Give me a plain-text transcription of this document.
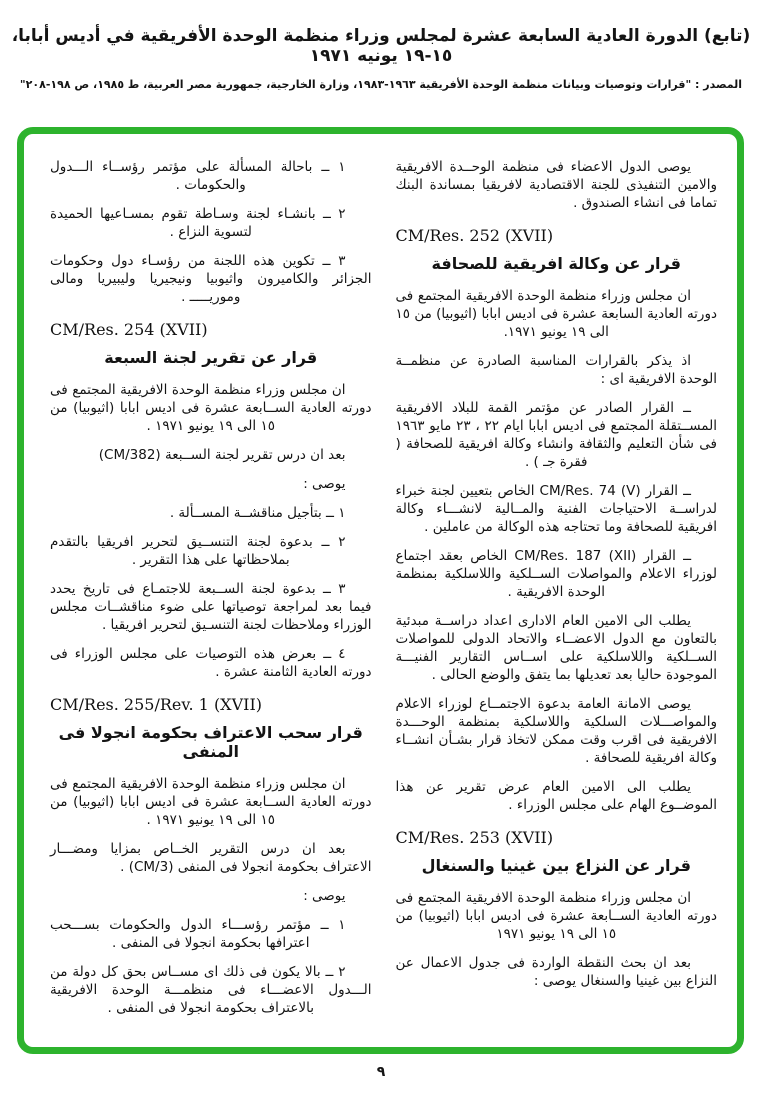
(تابع) الدورة العادية السابعة عشرة لمجلس وزراء منظمة الوحدة الأفريقية في أديس أبابا، ١٥-١٩ يونيه ١٩٧١
المصدر : "قرارات وتوصيات وبيانات منظمة الوحدة الأفريقية ١٩٦٣-١٩٨٣، وزارة الخارجية، جمهورية مصر العربية، ط ١٩٨٥، ص ١٩٨-٢٠٨"

يوصى الدول الاعضاء فى منظمة الوحــدة الافريقية والامين التنفيذى للجنة الاقتصادية لافريقيا بمساندة البنك تماما فى انشاء الصندوق .

CM/Res. 252 (XVII)

قرار عن وكالة افريقية للصحافة

ان مجلس وزراء منظمة الوحدة الافريقية المجتمع فى دورته العادية السابعة عشرة فى اديس ابابا (اثيوبيا) من ١٥ الى ١٩ يونيو ١٩٧١.

اذ يذكر بالقرارات المناسبة الصادرة عن منظمــة الوحدة الافريقية اى :

ــ القرار الصادر عن مؤتمر القمة للبلاد الافريقية المســتقلة المجتمع فى اديس ابابا ايام ٢٢ ، ٢٣ مايو ١٩٦٣ فى شأن التعليم والثقافة وانشاء وكالة افريقية للصحافة ( فقرة جـ ) .

ــ القرار CM/Res. 74 (V) الخاص بتعيين لجنة خبراء لدراســة الاحتياجات الفنية والمــالية لانشـــاء وكالة افريقية للصحافة وما تحتاجه هذه الوكالة من عاملين .

ــ القرار CM/Res. 187 (XII) الخاص بعقد اجتماع لوزراء الاعلام والمواصلات الســلكية واللاسلكية بمنظمة الوحدة الافريقية .

يطلب الى الامين العام الادارى اعداد دراســة مبدئية بالتعاون مع الدول الاعضــاء والاتحاد الدولى للمواصلات الســلكية واللاسلكية على اســاس التقارير الفنيـــة الموجودة حاليا بعد تعديلها بما يتفق والوضع الحالى .

يوصى الامانة العامة بدعوة الاجتمــاع لوزراء الاعلام والمواصـــلات السلكية واللاسلكية بمنظمة الوحـــدة الافريقية فى اقرب وقت ممكن لاتخاذ قرار بشـأن انشــاء وكالة افريقية للصحافة .

يطلب الى الامين العام عرض تقرير عن هذا الموضــوع الهام على مجلس الوزراء .

CM/Res. 253 (XVII)

قرار عن النزاع بين غينيا والسنغال

ان مجلس وزراء منظمة الوحدة الافريقية المجتمع فى دورته العادية الســابعة عشرة فى اديس ابابا (اثيوبيا) من ١٥ الى ١٩ يونيو ١٩٧١

بعد ان بحث النقطة الواردة فى جدول الاعمال عن النزاع بين غينيا والسنغال يوصى :

١ ــ باحالة المسألة على مؤتمر رؤســاء الـــدول والحكومات .

٢ ــ بانشـاء لجنة وسـاطة تقوم بمسـاعيها الحميدة لتسوية النزاع .

٣ ــ تكوين هذه اللجنة من رؤسـاء دول وحكومات الجزائر والكاميرون واثيوبيا ونيجيريا وليبيريا ومالى وموريـــــ .

CM/Res. 254 (XVII)

قرار عن تقرير لجنة السبعة

ان مجلس وزراء منظمة الوحدة الافريقية المجتمع فى دورته العادية الســابعة عشرة فى اديس ابابا (اثيوبيا) من ١٥ الى ١٩ يونيو ١٩٧١ .

بعد ان درس تقرير لجنة الســبعة (CM/382)

يوصى :

١ ــ بتأجيل مناقشــة المســألة .

٢ ــ بدعوة لجنة التنســيق لتحرير افريقيا بالتقدم بملاحظاتها على هذا التقرير .

٣ ــ بدعوة لجنة الســبعة للاجتمـاع فى تاريخ يحدد فيما بعد لمراجعة توصياتها على ضوء مناقشــات مجلس الوزراء وملاحظات لجنة التنسـيق لتحرير افريقيا .

٤ ــ بعرض هذه التوصيات على مجلس الوزراء فى دورته العادية الثامنة عشرة .

CM/Res. 255/Rev. 1 (XVII)

قرار سحب الاعتراف بحكومة انجولا فى المنفى

ان مجلس وزراء منظمة الوحدة الافريقية المجتمع فى دورته العادية الســابعة عشرة فى اديس ابابا (اثيوبيا) من ١٥ الى ١٩ يونيو ١٩٧١ .

بعد ان درس التقرير الخــاص بمزايا ومضـــار الاعتراف بحكومة انجولا فى المنفى (CM/3) .

يوصى :

١ ــ مؤتمر رؤســـاء الدول والحكومات بســـحب اعترافها بحكومة انجولا فى المنفى .

٢ ــ بالا يكون فى ذلك اى مســاس بحق كل دولة من الـــدول الاعضـــاء فى منظمـــة الوحدة الافريقية بالاعتراف بحكومة انجولا فى المنفى .

٩
